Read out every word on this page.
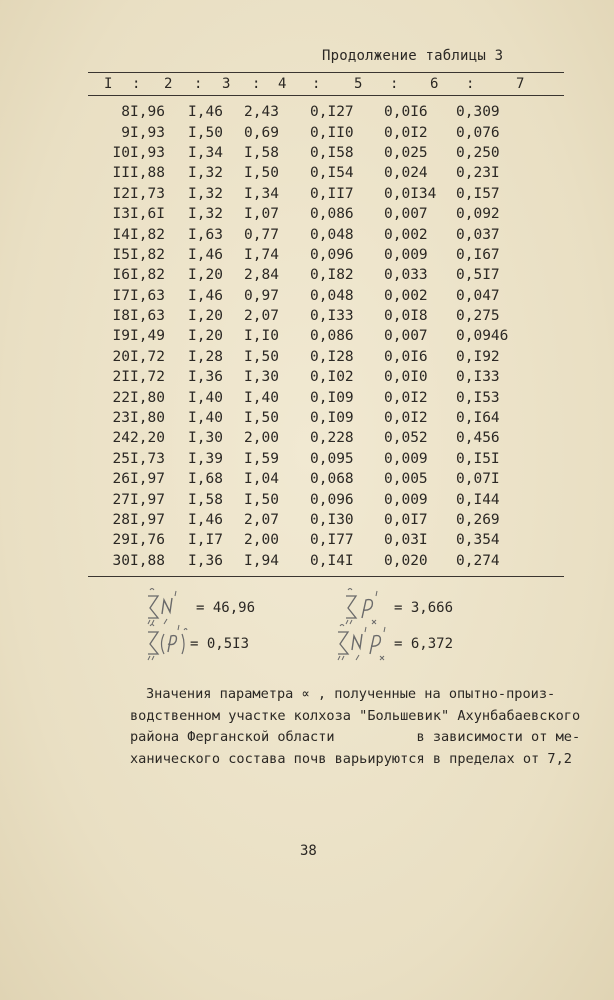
Продолжение таблицы 3
I : 2 : 3 : 4 : 5 : 6 :	7
8	I,96	I,46	2,43	0,I27	0,0I6	0,309
9	I,93	I,50	0,69	0,II0	0,0I2	0,076
I0	I,93	I,34	I,58	0,I58	0,025	0,250
II	I,88	I,32	I,50	0,I54	0,024	0,23I
I2	I,73	I,32	I,34	0,II7	0,0I34	0,I57
I3	I,6I	I,32	I,07	0,086	0,007	0,092
I4	I,82	I,63	0,77	0,048	0,002	0,037
I5	I,82	I,46	I,74	0,096	0,009	0,I67
I6	I,82	I,20	2,84	0,I82	0,033	0,5I7
I7	I,63	I,46	0,97	0,048	0,002	0,047
I8	I,63	I,20	2,07	0,I33	0,0I8	0,275
I9	I,49	I,20	I,I0	0,086	0,007	0,0946
20	I,72	I,28	I,50	0,I28	0,0I6	0,I92
2I	I,72	I,36	I,30	0,I02	0,0I0	0,I33
22	I,80	I,40	I,40	0,I09	0,0I2	0,I53
23	I,80	I,40	I,50	0,I09	0,0I2	0,I64
24	2,20	I,30	2,00	0,228	0,052	0,456
25	I,73	I,39	I,59	0,095	0,009	0,I5I
26	I,97	I,68	I,04	0,068	0,005	0,07I
27	I,97	I,58	I,50	0,096	0,009	0,I44
28	I,97	I,46	2,07	0,I30	0,0I7	0,269
29	I,76	I,I7	2,00	0,I77	0,03I	0,354
30	I,88	I,36	I,94	0,I4I	0,020	0,274
= 46,96	= 3,666
= 0,5I3	= 6,372
Значения параметра ∝ , полученные на опытно-произ-
водственном участке колхоза "Большевик" Ахунбабаевского
района Ферганской области          в зависимости от ме-
ханического состава почв варьируются в пределах от 7,2
38
